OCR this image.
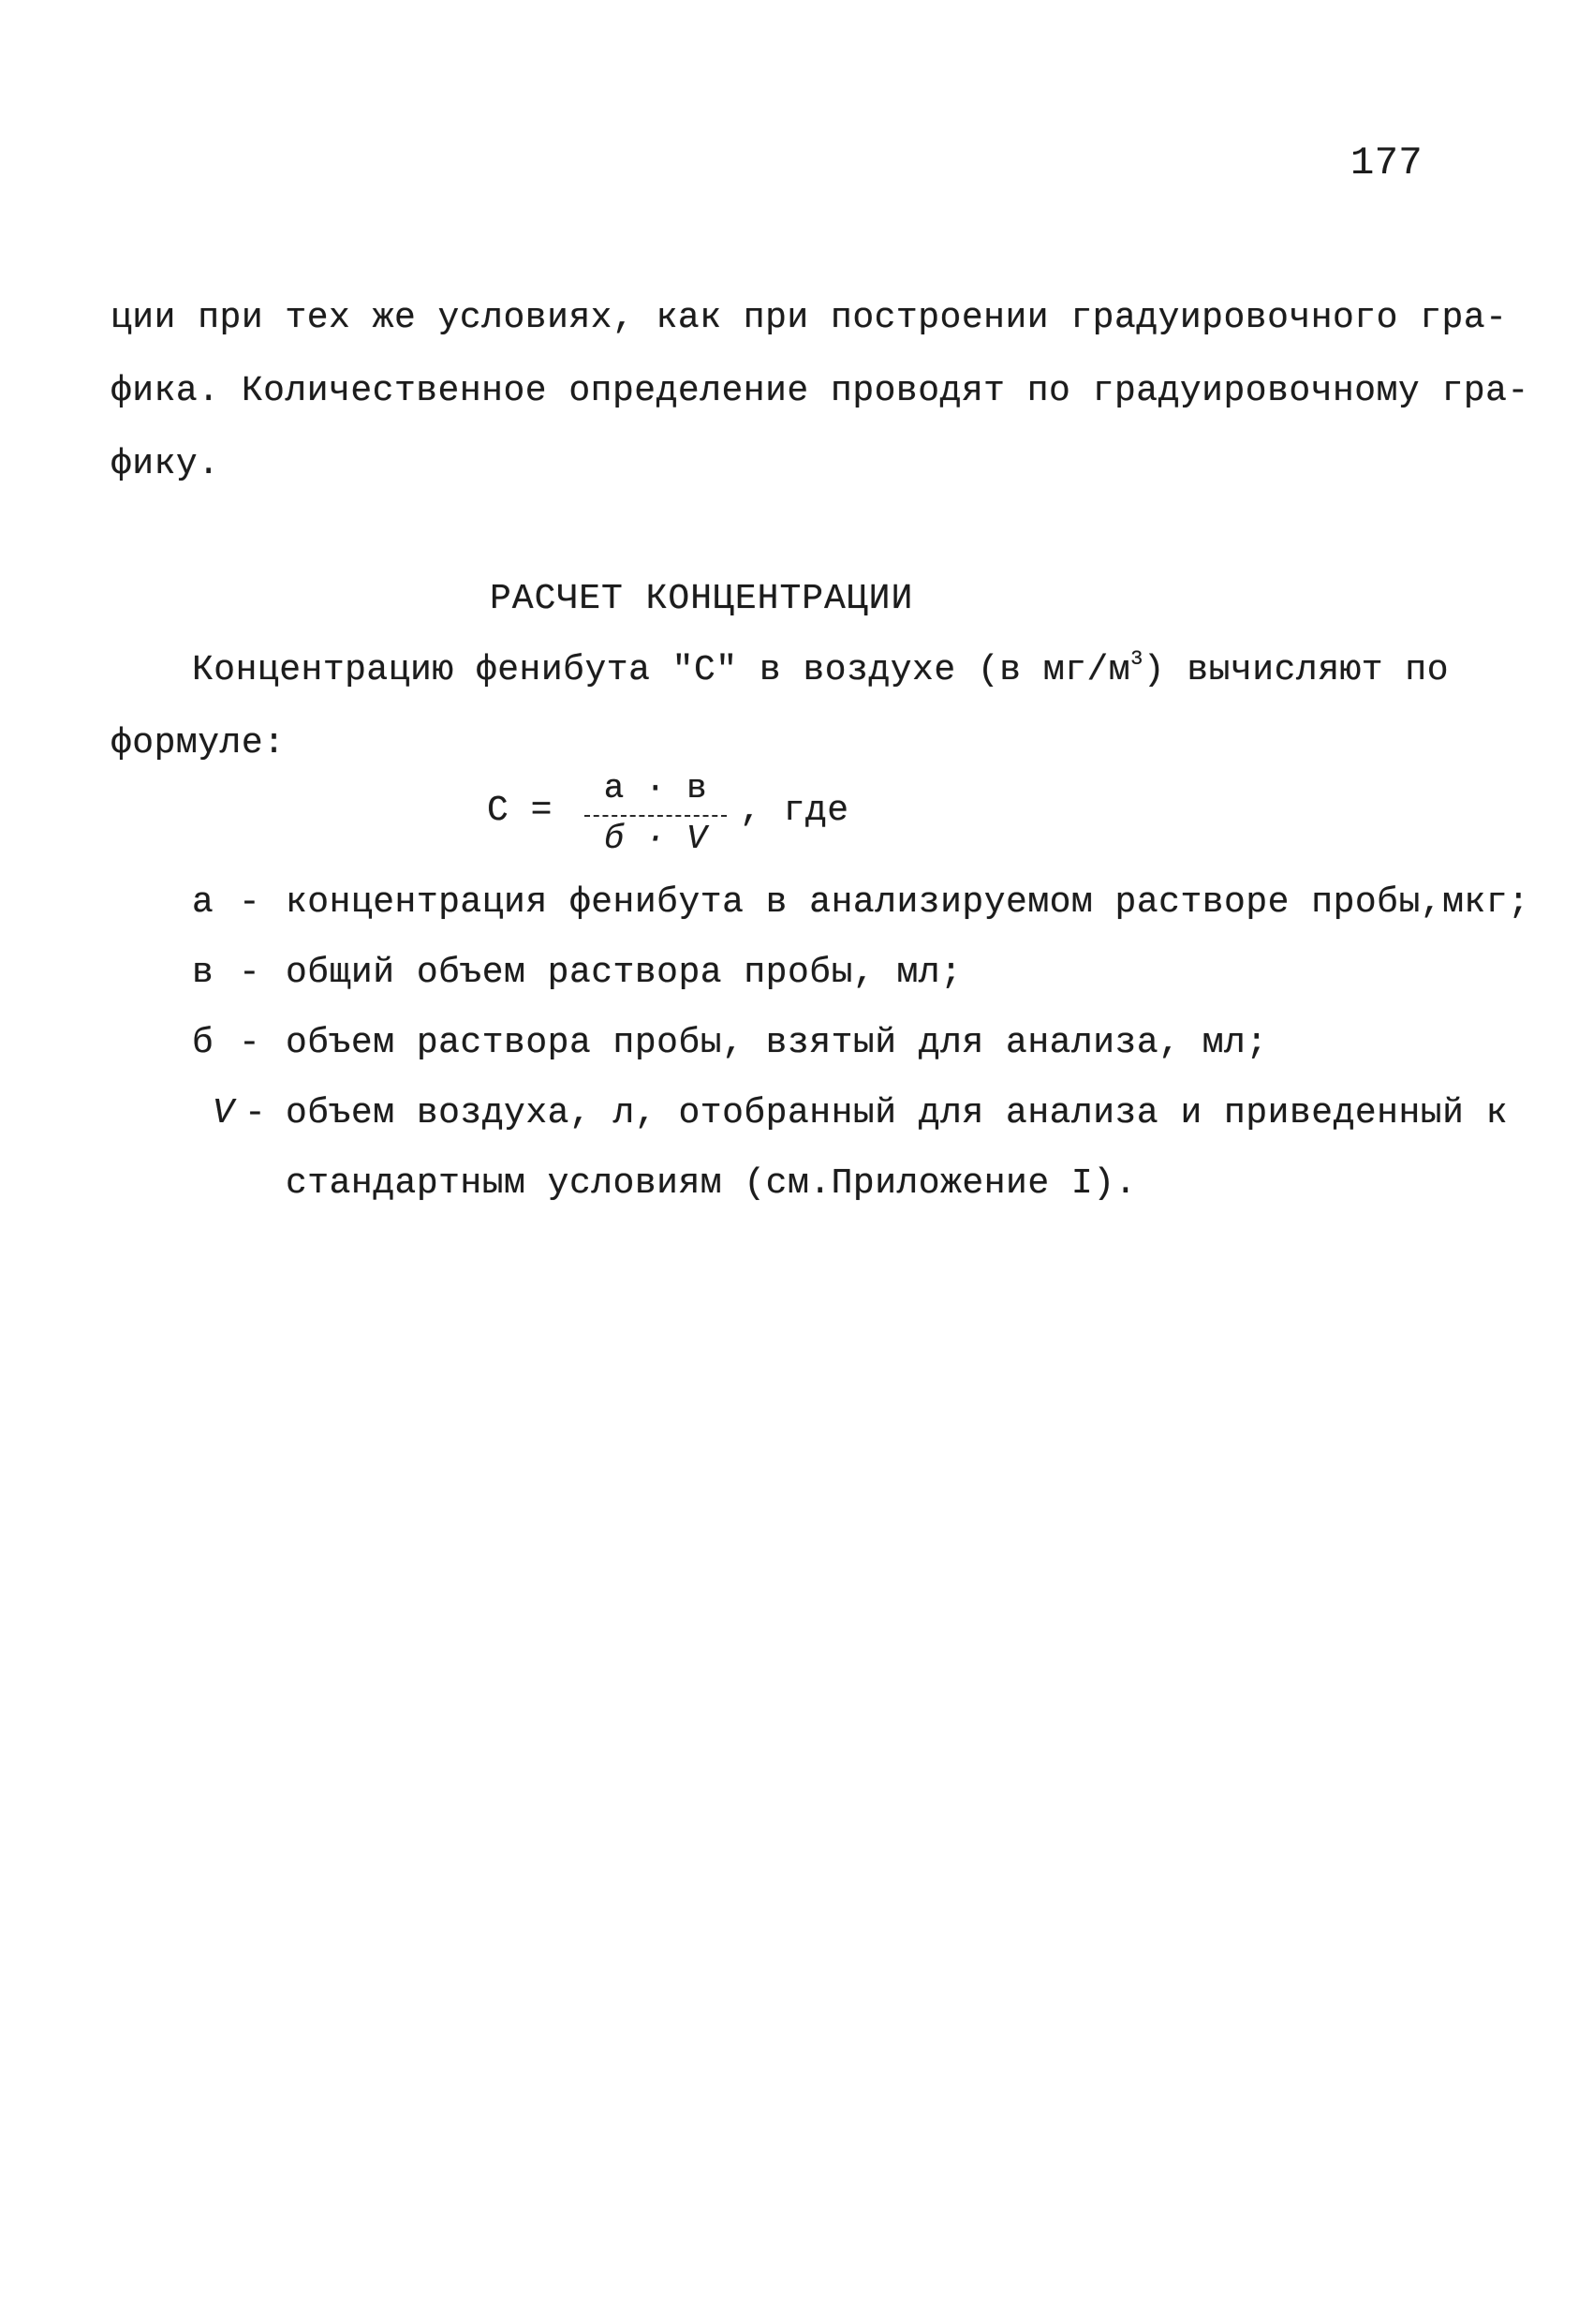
177
ции при тех же условиях, как при построении градуировочного гра-
фика. Количественное определение проводят по градуировочному гра-
фику.
РАСЧЕТ КОНЦЕНТРАЦИИ
Концентрацию фенибута "С" в воздухе (в $мг/м^3$) вычисляют по
формуле:
С =
а · в
б · V
, где
а - концентрация фенибута в анализируемом растворе пробы,мкг;
в - общий объем раствора пробы, мл;
б - объем раствора пробы, взятый для анализа, мл;
V - объем воздуха, л, отобранный для анализа и приведенный к
стандартным условиям (см.Приложение I).
